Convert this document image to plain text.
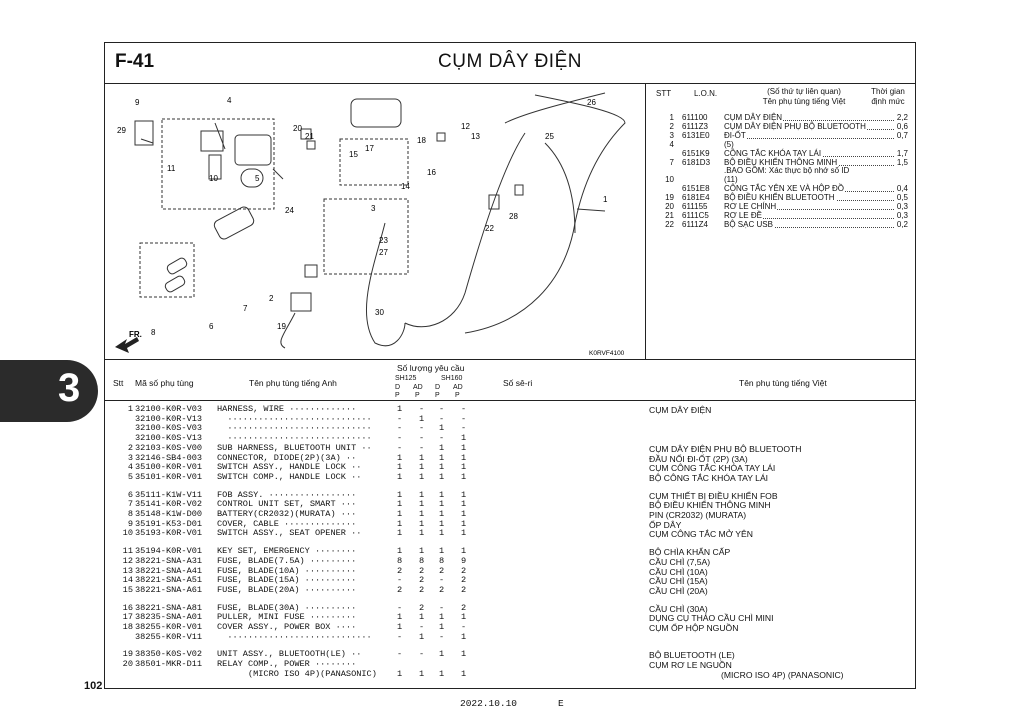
F-41	CỤM DÂY ĐIỆN
FR.
K0RVF4100
1
2
3
4
5
6
7
8
9
10
11
12
13
14
15
16
17
18
19
20
21
22
23
24
25
26
27
28
29
30
STT	L.O.N.	(Số thứ tự liên quan)
Tên phụ tùng tiếng Việt
Thời gian
định mức
1 611100 CỤM DÂY ĐIỆN	2,2
2 6111Z3 CỤM DÂY ĐIỆN PHỤ BỘ BLUETOOTH	0,6
3 6131E0 ĐI-ỐT	0,7
4	(5)
6151K9 CÔNG TẮC KHÓA TAY LÁI	1,7
7 6181D3 BỘ ĐIỀU KHIỂN THÔNG MINH	1,5
.BAO GỒM: Xác thực bộ nhớ số ID
10	(11)
6151E8 CÔNG TẮC YÊN XE VÀ HỘP ĐỒ	0,4
19 6181E4 BỘ ĐIỀU KHIỂN BLUETOOTH	0,5
20 611155 RƠ LE CHÍNH	0,3
21 6111C5 RƠ LE ĐỀ	0,3
22 6111Z4 BỘ SẠC USB	0,2
Stt Mã số phụ tùng	Tên phụ tùng tiếng Anh
Số lượng yêu cầu
SH125	SH160
D AD D AD
P P P P
Số sê-ri	Tên phụ tùng tiếng Việt
1 32100-K0R-V03 HARNESS, WIRE ·············	1 - - -	CỤM DÂY ĐIỆN
32100-K0R-V13 ····························	- 1 - -
32100-K0S-V03 ····························	- - 1 -
32100-K0S-V13 ····························	- - - 1
2 32103-K0S-V00 SUB HARNESS, BLUETOOTH UNIT ··	- - 1 1	CỤM DÂY ĐIỆN PHỤ BỘ BLUETOOTH
3 32146-SB4-003 CONNECTOR, DIODE(2P)(3A) ··	1 1 1 1	ĐẦU NỐI ĐI-ỐT (2P) (3A)
4 35100-K0R-V01 SWITCH ASSY., HANDLE LOCK ··	1 1 1 1	CỤM CÔNG TẮC KHÓA TAY LÁI
5 35101-K0R-V01 SWITCH COMP., HANDLE LOCK ··	1 1 1 1	BỘ CÔNG TẮC KHÓA TAY LÁI
6 35111-K1W-V11 FOB ASSY. ·················	1 1 1 1	CỤM THIẾT BỊ ĐIỀU KHIỂN FOB
7 35141-K0R-V02 CONTROL UNIT SET, SMART ···	1 1 1 1	BỘ ĐIỀU KHIỂN THÔNG MINH
8 35148-K1W-D00 BATTERY(CR2032)(MURATA) ···	1 1 1 1	PIN (CR2032) (MURATA)
9 35191-K53-D01 COVER, CABLE ··············	1 1 1 1	ỐP DÂY
10 35193-K0R-V01 SWITCH ASSY., SEAT OPENER ··	1 1 1 1	CỤM CÔNG TẮC MỞ YÊN
11 35194-K0R-V01 KEY SET, EMERGENCY ········	1 1 1 1	BỘ CHÌA KHẨN CẤP
12 38221-SNA-A31 FUSE, BLADE(7.5A) ·········	8 8 8 9	CẦU CHÌ (7,5A)
13 38221-SNA-A41 FUSE, BLADE(10A) ··········	2 2 2 2	CẦU CHÌ (10A)
14 38221-SNA-A51 FUSE, BLADE(15A) ··········	- 2 - 2	CẦU CHÌ (15A)
15 38221-SNA-A61 FUSE, BLADE(20A) ··········	2 2 2 2	CẦU CHÌ (20A)
16 38221-SNA-A81 FUSE, BLADE(30A) ··········	- 2 - 2	CẦU CHÌ (30A)
17 38235-SNA-A01 PULLER, MINI FUSE ·········	1 1 1 1	DỤNG CỤ THÁO CẦU CHÌ MINI
18 38255-K0R-V01 COVER ASSY., POWER BOX ····	1 - 1 -	CỤM ỐP HỘP NGUỒN
38255-K0R-V11 ····························	- 1 - 1
19 38350-K0S-V02 UNIT ASSY., BLUETOOTH(LE) ··	- - 1 1	BỘ BLUETOOTH (LE)
20 38501-MKR-D11 RELAY COMP., POWER ········	CỤM RƠ LE NGUỒN
(MICRO ISO 4P)(PANASONIC) 1 1 1 1	(MICRO ISO 4P) (PANASONIC)
3
102
2022.10.10	E
